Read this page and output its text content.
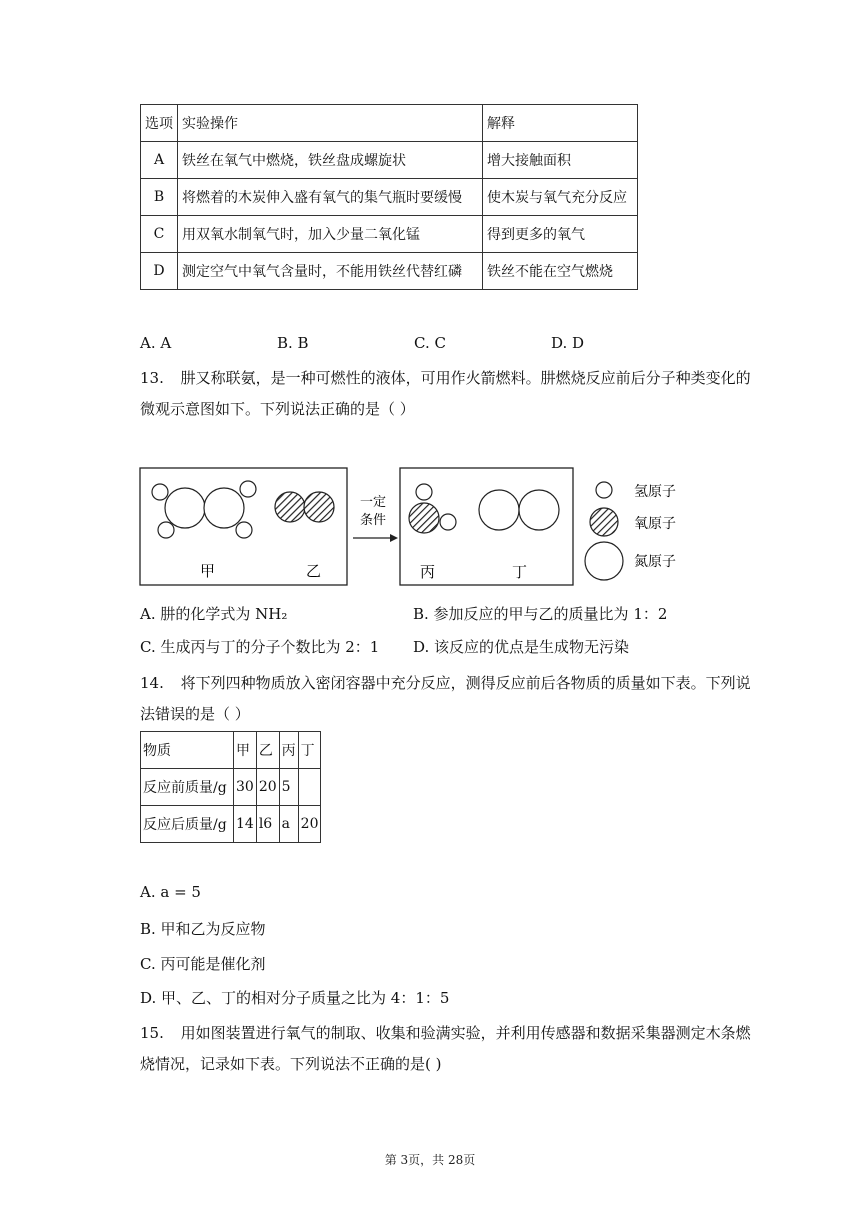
选项	实验操作	解释
A	铁丝在氧气中燃烧，铁丝盘成螺旋状	增大接触面积
B	将燃着的木炭伸入盛有氧气的集气瓶时要缓慢	使木炭与氧气充分反应
C	用双氧水制氧气时，加入少量二氧化锰	得到更多的氧气
D	测定空气中氧气含量时，不能用铁丝代替红磷	铁丝不能在空气燃烧
A. A	B. B	C. C	D. D
13. 肼又称联氨，是一种可燃性的液体，可用作火箭燃料。肼燃烧反应前后分子种类变化的
微观示意图如下。下列说法正确的是（ ）
甲	乙
一定
条件
丙	丁
氢原子
氧原子
氮原子
A. 肼的化学式为 NH₂	B. 参加反应的甲与乙的质量比为 1：2
C. 生成丙与丁的分子个数比为 2：1 D. 该反应的优点是生成物无污染
14. 将下列四种物质放入密闭容器中充分反应，测得反应前后各物质的质量如下表。下列说
法错误的是（ ）
物质	甲	乙	丙	丁
反应前质量/g	30	20	5	
反应后质量/g	14	l6	a	20
A. a = 5
B. 甲和乙为反应物
C. 丙可能是催化剂
D. 甲、乙、丁的相对分子质量之比为 4：1：5
15. 用如图装置进行氧气的制取、收集和验满实验，并利用传感器和数据采集器测定木条燃
烧情况，记录如下表。下列说法不正确的是( )
第 3页，共 28页
